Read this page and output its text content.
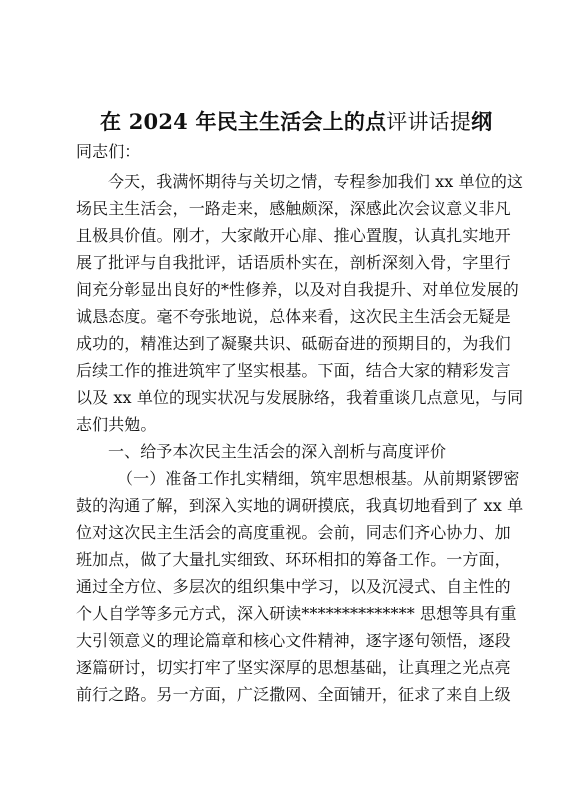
在 2024 年民主生活会上的点评讲话提纲
同志们：
今天，我满怀期待与关切之情，专程参加我们 xx 单位的这
场民主生活会，一路走来，感触颇深，深感此次会议意义非凡
且极具价值。刚才，大家敞开心扉、推心置腹，认真扎实地开
展了批评与自我批评，话语质朴实在，剖析深刻入骨，字里行
间充分彰显出良好的*性修养，以及对自我提升、对单位发展的
诚恳态度。毫不夸张地说，总体来看，这次民主生活会无疑是
成功的，精准达到了凝聚共识、砥砺奋进的预期目的，为我们
后续工作的推进筑牢了坚实根基。下面，结合大家的精彩发言
以及 xx 单位的现实状况与发展脉络，我着重谈几点意见，与同
志们共勉。
一、给予本次民主生活会的深入剖析与高度评价
（一）准备工作扎实精细，筑牢思想根基。从前期紧锣密
鼓的沟通了解，到深入实地的调研摸底，我真切地看到了 xx 单
位对这次民主生活会的高度重视。会前，同志们齐心协力、加
班加点，做了大量扎实细致、环环相扣的筹备工作。一方面，
通过全方位、多层次的组织集中学习，以及沉浸式、自主性的
个人自学等多元方式，深入研读************** 思想等具有重
大引领意义的理论篇章和核心文件精神，逐字逐句领悟，逐段
逐篇研讨，切实打牢了坚实深厚的思想基础，让真理之光点亮
前行之路。另一方面，广泛撒网、全面铺开，征求了来自上级
